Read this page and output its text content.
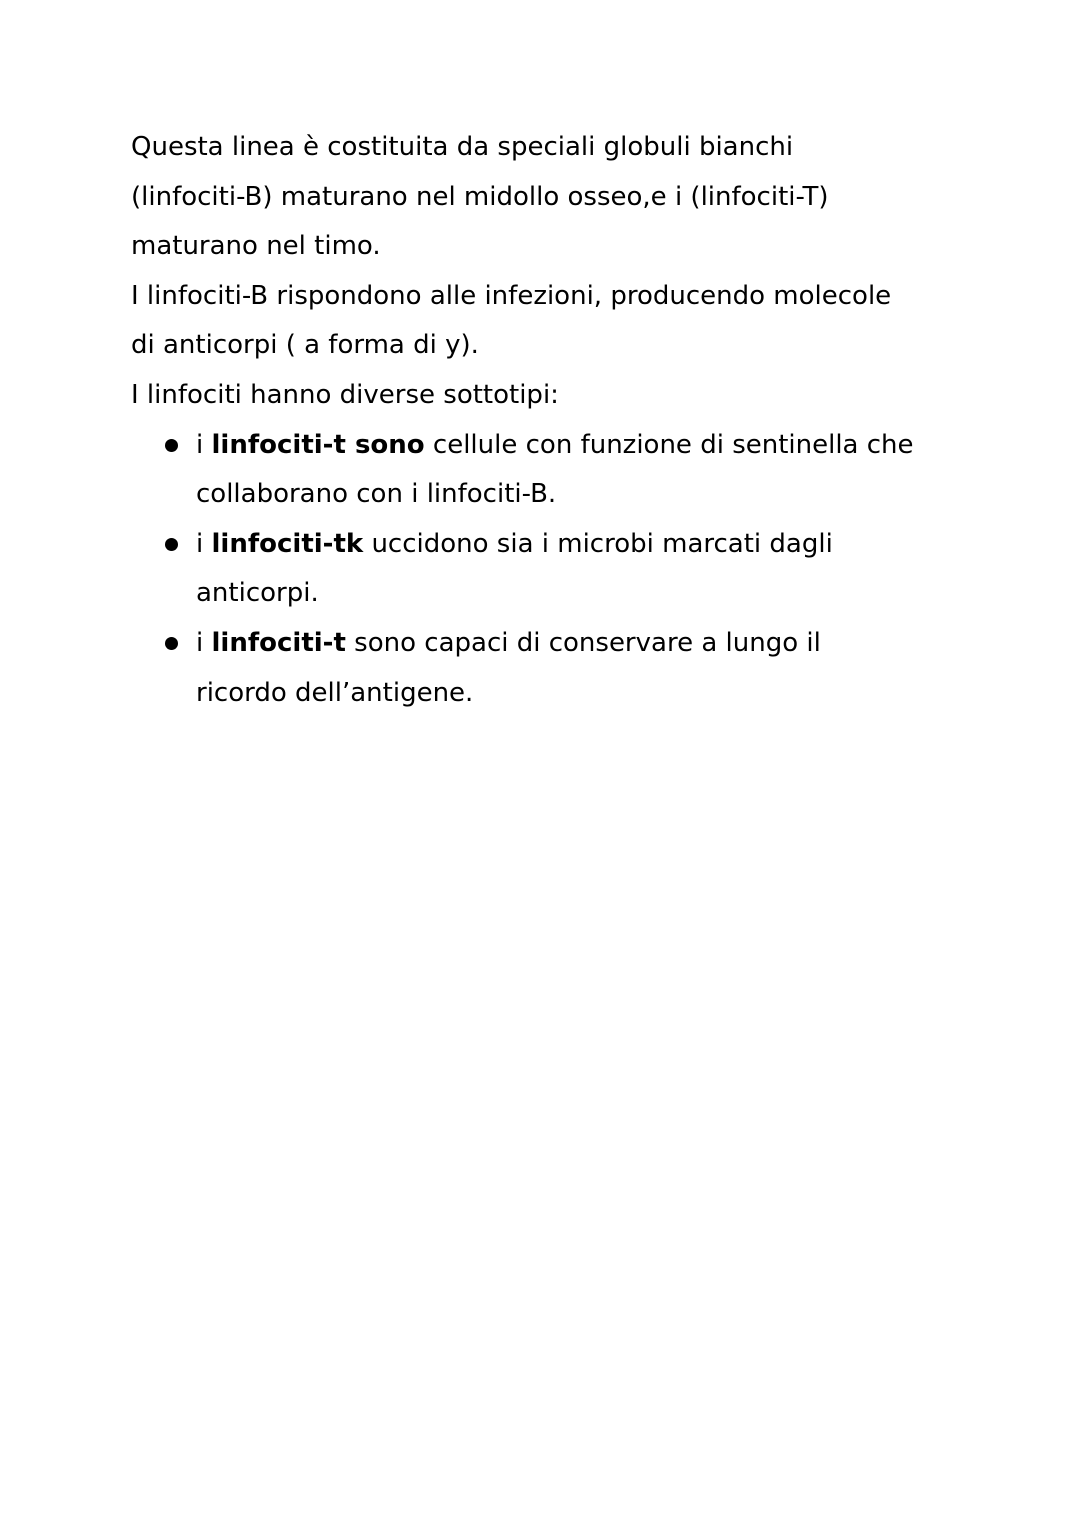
Questa linea è costituita da speciali globuli bianchi
(linfociti-B) maturano nel midollo osseo,e i (linfociti-T)
maturano nel timo.

I linfociti-B rispondono alle infezioni, producendo molecole
di anticorpi ( a forma di y).

I linfociti hanno diverse sottotipi:

i linfociti-t sono cellule con funzione di sentinella che
collaborano con i linfociti-B.
i linfociti-tk uccidono sia i microbi marcati dagli
anticorpi.
i linfociti-t sono capaci di conservare a lungo il
ricordo dell’antigene.
